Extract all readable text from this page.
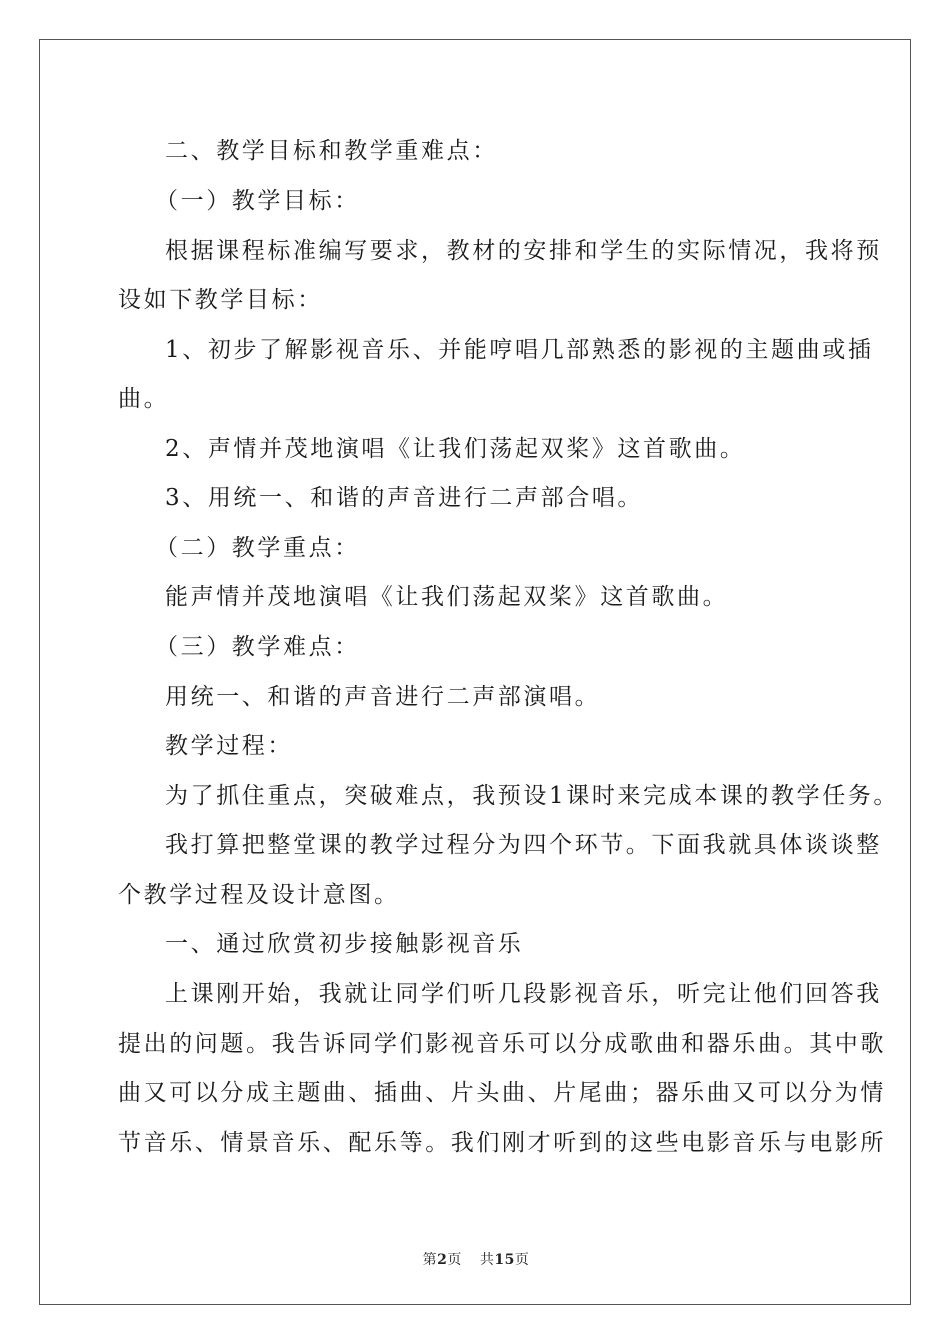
二、教学目标和教学重难点：
（一）教学目标：
根据课程标准编写要求，教材的安排和学生的实际情况，我将预
设如下教学目标：
1、初步了解影视音乐、并能哼唱几部熟悉的影视的主题曲或插
曲。
2、声情并茂地演唱《让我们荡起双桨》这首歌曲。
3、用统一、和谐的声音进行二声部合唱。
（二）教学重点：
能声情并茂地演唱《让我们荡起双桨》这首歌曲。
（三）教学难点：
用统一、和谐的声音进行二声部演唱。
教学过程：
为了抓住重点，突破难点，我预设1课时来完成本课的教学任务。
我打算把整堂课的教学过程分为四个环节。下面我就具体谈谈整
个教学过程及设计意图。
一、通过欣赏初步接触影视音乐
上课刚开始，我就让同学们听几段影视音乐，听完让他们回答我
提出的问题。我告诉同学们影视音乐可以分成歌曲和器乐曲。其中歌
曲又可以分成主题曲、插曲、片头曲、片尾曲；器乐曲又可以分为情
节音乐、情景音乐、配乐等。我们刚才听到的这些电影音乐与电影所
第2页 共15页
